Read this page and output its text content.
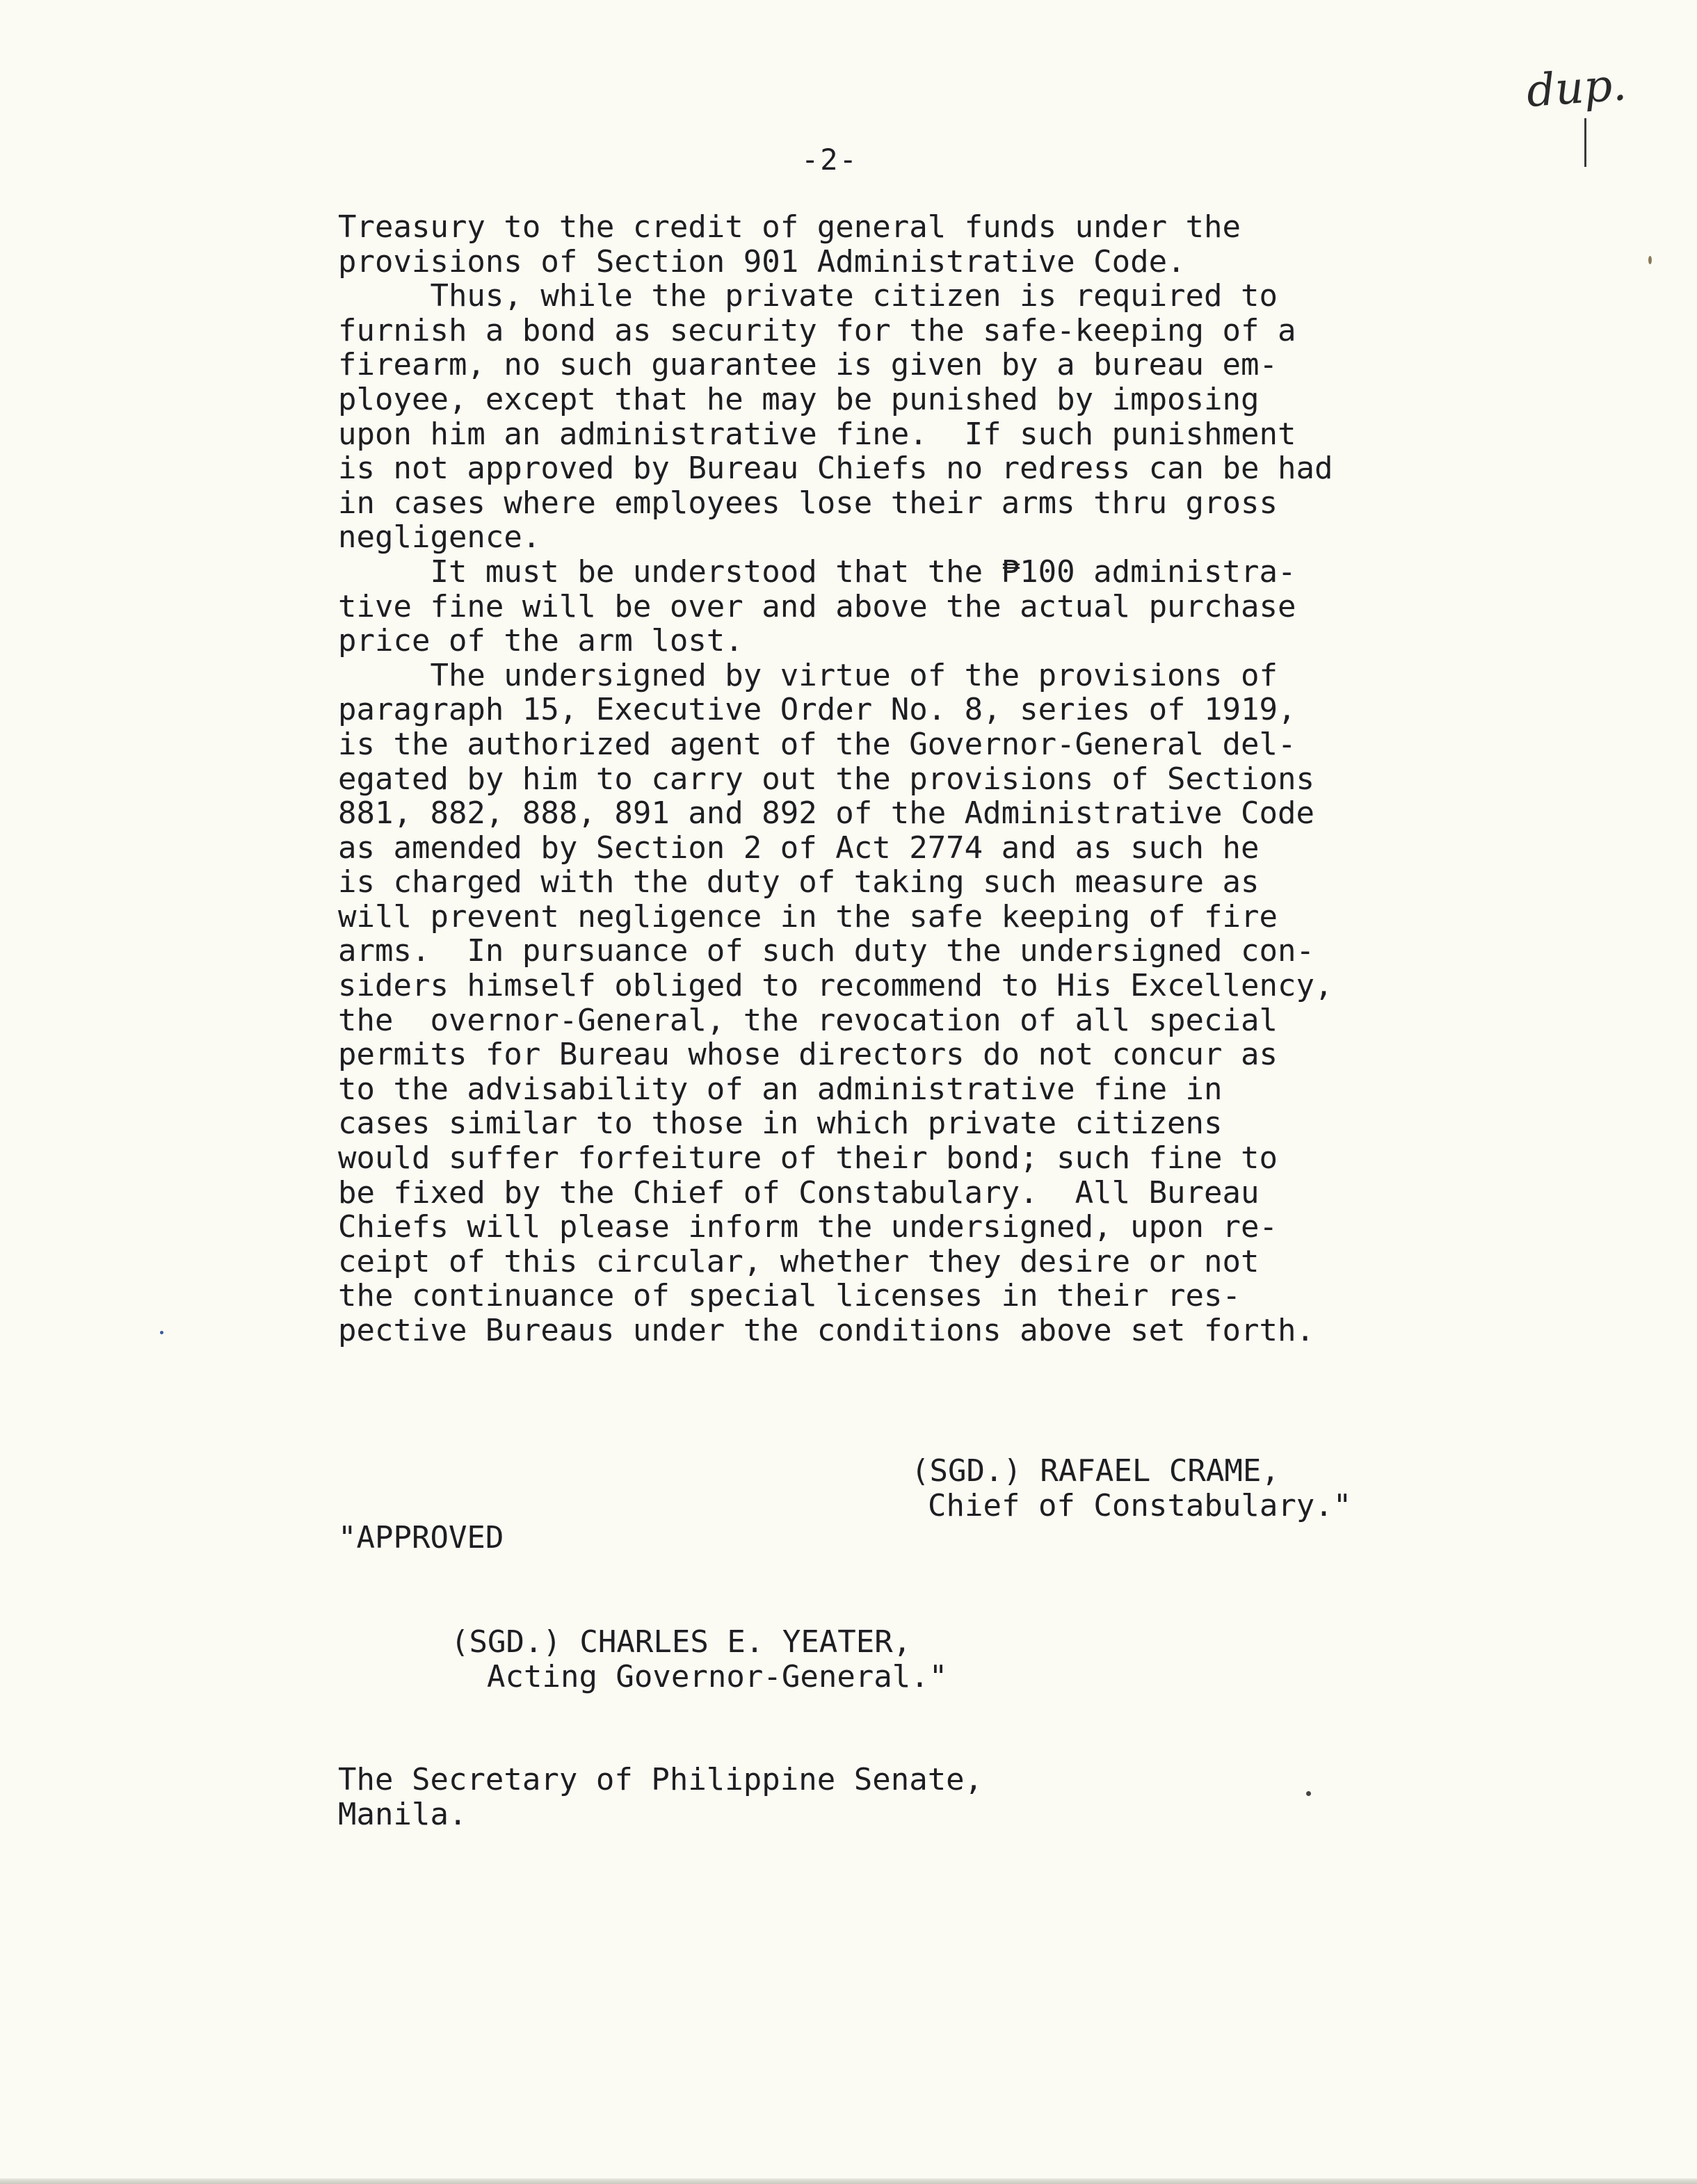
dup.
-2-
Treasury to the credit of general funds under the
provisions of Section 901 Administrative Code.
Thus, while the private citizen is required to
furnish a bond as security for the safe-keeping of a
firearm, no such guarantee is given by a bureau em-
ployee, except that he may be punished by imposing
upon him an administrative fine.  If such punishment
is not approved by Bureau Chiefs no redress can be had
in cases where employees lose their arms thru gross
negligence.
It must be understood that the ₱100 administra-
tive fine will be over and above the actual purchase
price of the arm lost.
The undersigned by virtue of the provisions of
paragraph 15, Executive Order No. 8, series of 1919,
is the authorized agent of the Governor-General del-
egated by him to carry out the provisions of Sections
881, 882, 888, 891 and 892 of the Administrative Code
as amended by Section 2 of Act 2774 and as such he
is charged with the duty of taking such measure as
will prevent negligence in the safe keeping of fire
arms.  In pursuance of such duty the undersigned con-
siders himself obliged to recommend to His Excellency,
the  overnor-General, the revocation of all special
permits for Bureau whose directors do not concur as
to the advisability of an administrative fine in
cases similar to those in which private citizens
would suffer forfeiture of their bond; such fine to
be fixed by the Chief of Constabulary.  All Bureau
Chiefs will please inform the undersigned, upon re-
ceipt of this circular, whether they desire or not
the continuance of special licenses in their res-
pective Bureaus under the conditions above set forth.
(SGD.) RAFAEL CRAME,
Chief of Constabulary."
"APPROVED
(SGD.) CHARLES E. YEATER,
Acting Governor-General."
The Secretary of Philippine Senate,
Manila.
